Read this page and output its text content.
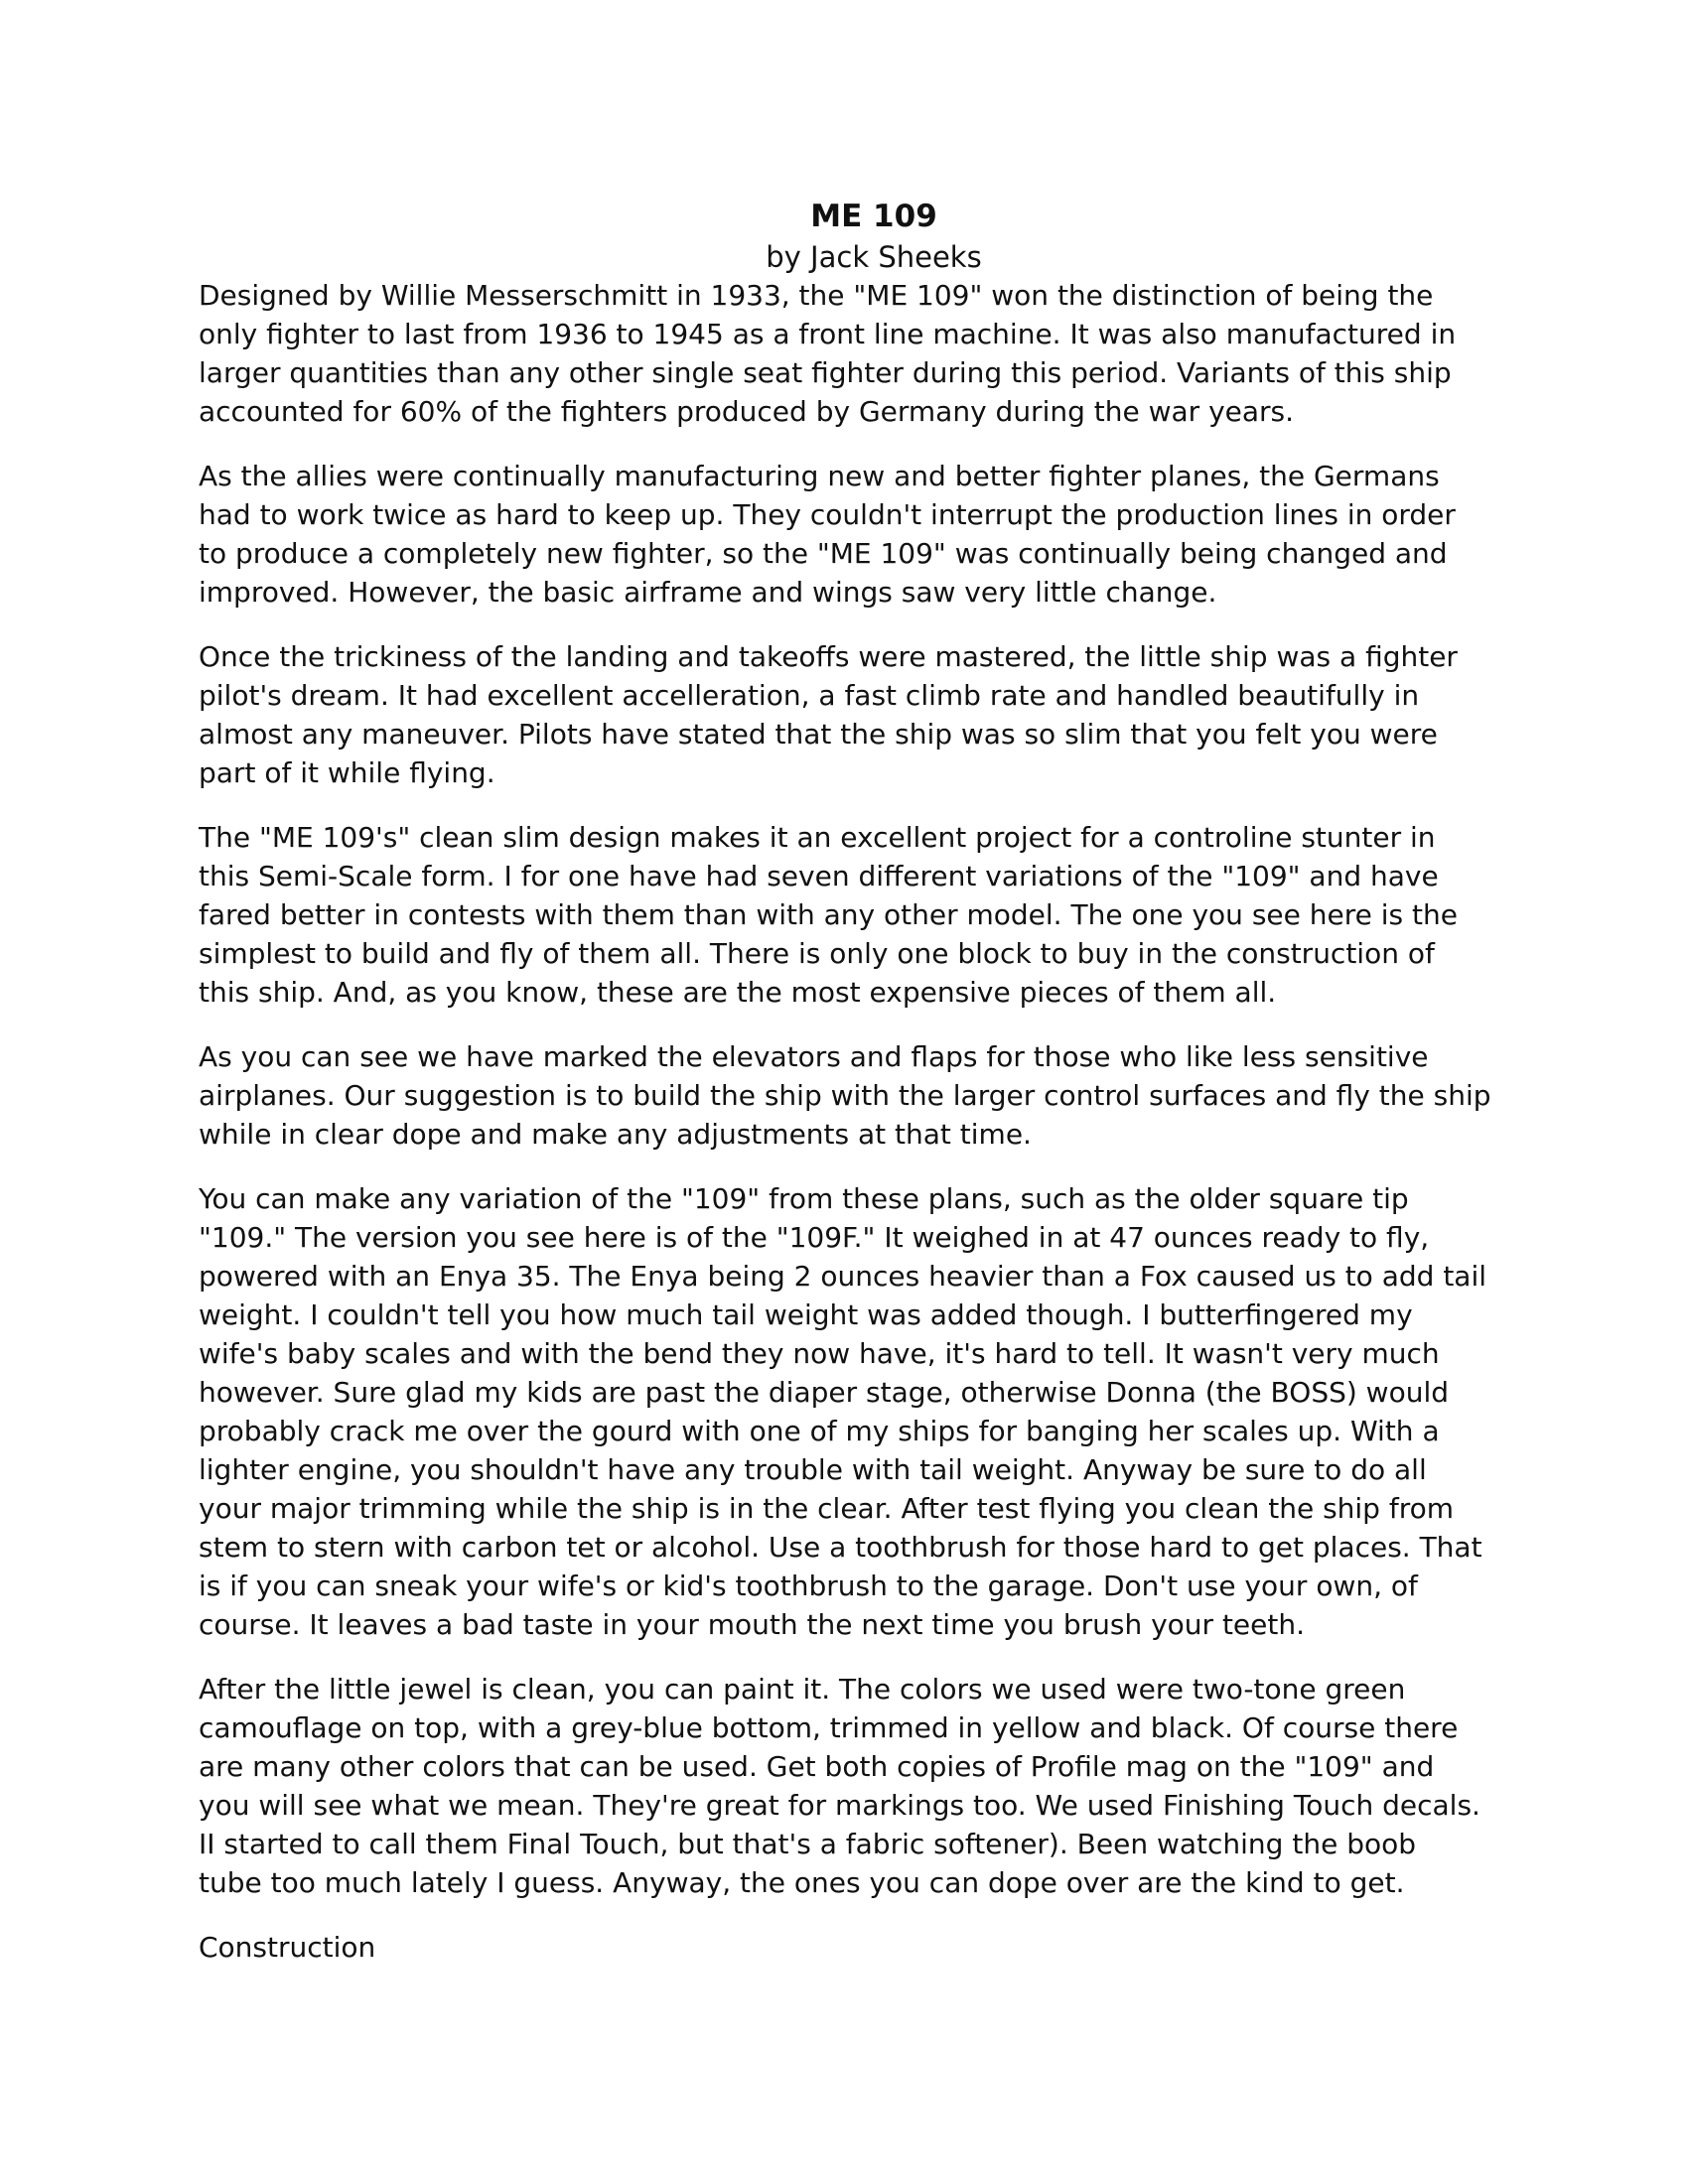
ME 109
by Jack Sheeks

Designed by Willie Messerschmitt in 1933, the "ME 109" won the distinction of being the
only fighter to last from 1936 to 1945 as a front line machine. It was also manufactured in
larger quantities than any other single seat fighter during this period. Variants of this ship
accounted for 60% of the fighters produced by Germany during the war years.

As the allies were continually manufacturing new and better fighter planes, the Germans
had to work twice as hard to keep up. They couldn't interrupt the production lines in order
to produce a completely new fighter, so the "ME 109" was continually being changed and
improved. However, the basic airframe and wings saw very little change.

Once the trickiness of the landing and takeoffs were mastered, the little ship was a fighter
pilot's dream. It had excellent accelleration, a fast climb rate and handled beautifully in
almost any maneuver. Pilots have stated that the ship was so slim that you felt you were
part of it while flying.

The "ME 109's" clean slim design makes it an excellent project for a controline stunter in
this Semi-Scale form. I for one have had seven different variations of the "109" and have
fared better in contests with them than with any other model. The one you see here is the
simplest to build and fly of them all. There is only one block to buy in the construction of
this ship. And, as you know, these are the most expensive pieces of them all.

As you can see we have marked the elevators and flaps for those who like less sensitive
airplanes. Our suggestion is to build the ship with the larger control surfaces and fly the ship
while in clear dope and make any adjustments at that time.

You can make any variation of the "109" from these plans, such as the older square tip
"109." The version you see here is of the "109F." It weighed in at 47 ounces ready to fly,
powered with an Enya 35. The Enya being 2 ounces heavier than a Fox caused us to add tail
weight. I couldn't tell you how much tail weight was added though. I butterfingered my
wife's baby scales and with the bend they now have, it's hard to tell. It wasn't very much
however. Sure glad my kids are past the diaper stage, otherwise Donna (the BOSS) would
probably crack me over the gourd with one of my ships for banging her scales up. With a
lighter engine, you shouldn't have any trouble with tail weight. Anyway be sure to do all
your major trimming while the ship is in the clear. After test flying you clean the ship from
stem to stern with carbon tet or alcohol. Use a toothbrush for those hard to get places. That
is if you can sneak your wife's or kid's toothbrush to the garage. Don't use your own, of
course. It leaves a bad taste in your mouth the next time you brush your teeth.

After the little jewel is clean, you can paint it. The colors we used were two-tone green
camouflage on top, with a grey-blue bottom, trimmed in yellow and black. Of course there
are many other colors that can be used. Get both copies of Profile mag on the "109" and
you will see what we mean. They're great for markings too. We used Finishing Touch decals.
II started to call them Final Touch, but that's a fabric softener). Been watching the boob
tube too much lately I guess. Anyway, the ones you can dope over are the kind to get.

Construction
